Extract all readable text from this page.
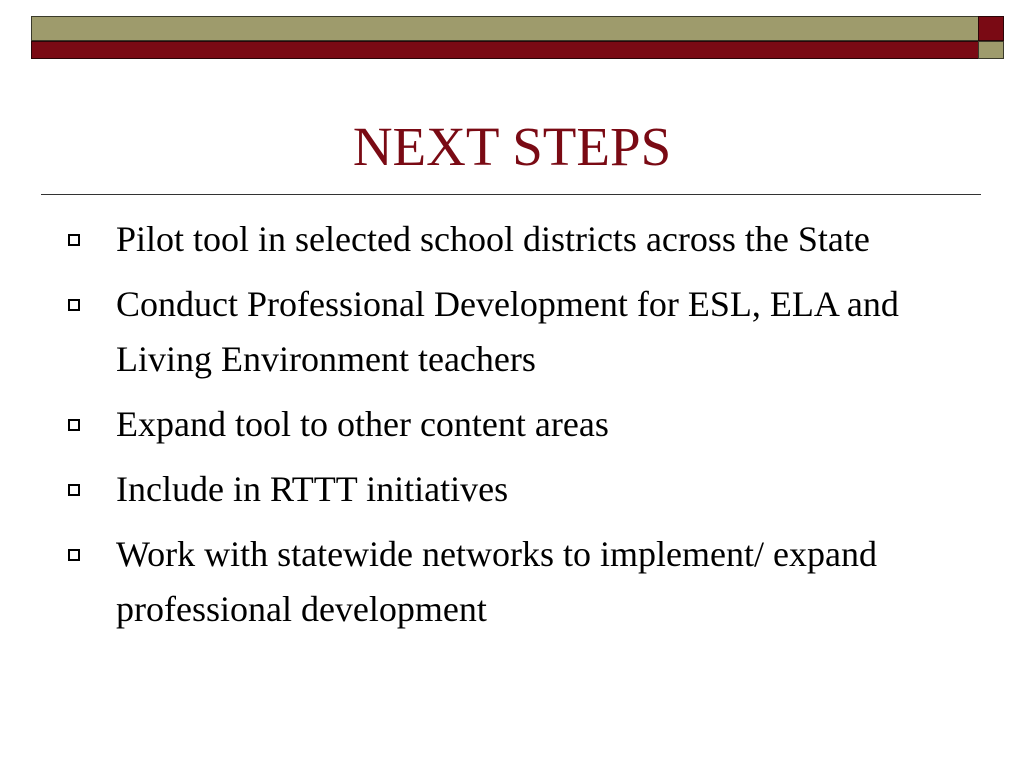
NEXT STEPS
Pilot tool in selected school districts across the State
Conduct Professional Development for ESL, ELA and Living Environment teachers
Expand tool to other content areas
Include in RTTT initiatives
Work with statewide networks to implement/ expand professional development
